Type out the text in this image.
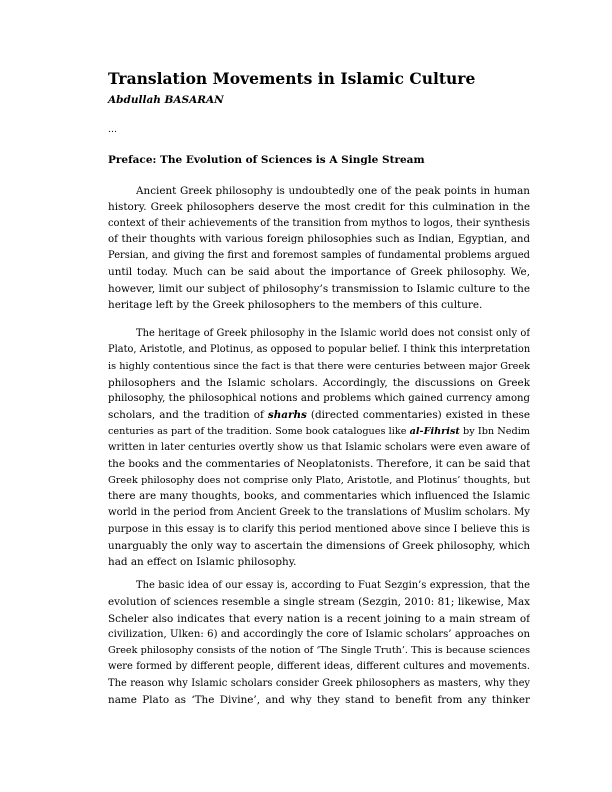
Translation Movements in Islamic Culture
Abdullah BASARAN
…
Preface: The Evolution of Sciences is A Single Stream
Ancient Greek philosophy is undoubtedly one of the peak points in human
history. Greek philosophers deserve the most credit for this culmination in the
context of their achievements of the transition from mythos to logos, their synthesis
of their thoughts with various foreign philosophies such as Indian, Egyptian, and
Persian, and giving the first and foremost samples of fundamental problems argued
until today. Much can be said about the importance of Greek philosophy. We,
however, limit our subject of philosophy’s transmission to Islamic culture to the
heritage left by the Greek philosophers to the members of this culture.
The heritage of Greek philosophy in the Islamic world does not consist only of
Plato, Aristotle, and Plotinus, as opposed to popular belief. I think this interpretation
is highly contentious since the fact is that there were centuries between major Greek
philosophers and the Islamic scholars. Accordingly, the discussions on Greek
philosophy, the philosophical notions and problems which gained currency among
scholars, and the tradition of sharhs (directed commentaries) existed in these
centuries as part of the tradition. Some book catalogues like al-Fihrist by Ibn Nedim
written in later centuries overtly show us that Islamic scholars were even aware of
the books and the commentaries of Neoplatonists. Therefore, it can be said that
Greek philosophy does not comprise only Plato, Aristotle, and Plotinus’ thoughts, but
there are many thoughts, books, and commentaries which influenced the Islamic
world in the period from Ancient Greek to the translations of Muslim scholars. My
purpose in this essay is to clarify this period mentioned above since I believe this is
unarguably the only way to ascertain the dimensions of Greek philosophy, which
had an effect on Islamic philosophy.
The basic idea of our essay is, according to Fuat Sezgin’s expression, that the
evolution of sciences resemble a single stream (Sezgin, 2010: 81; likewise, Max
Scheler also indicates that every nation is a recent joining to a main stream of
civilization, Ulken: 6) and accordingly the core of Islamic scholars’ approaches on
Greek philosophy consists of the notion of ‘The Single Truth’. This is because sciences
were formed by different people, different ideas, different cultures and movements.
The reason why Islamic scholars consider Greek philosophers as masters, why they
name Plato as ‘The Divine’, and why they stand to benefit from any thinker
